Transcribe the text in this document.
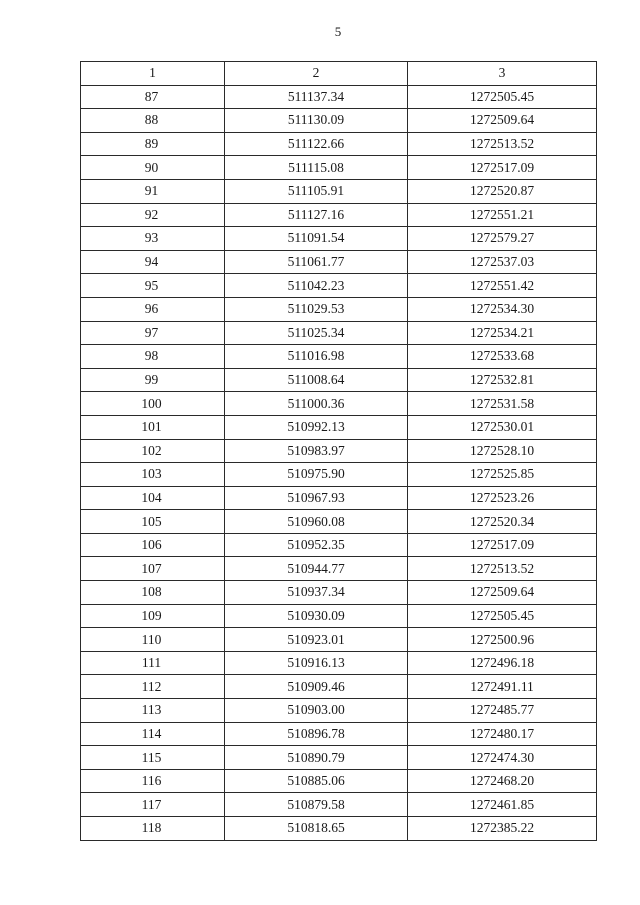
5
1	2	3
87	511137.34	1272505.45
88	511130.09	1272509.64
89	511122.66	1272513.52
90	511115.08	1272517.09
91	511105.91	1272520.87
92	511127.16	1272551.21
93	511091.54	1272579.27
94	511061.77	1272537.03
95	511042.23	1272551.42
96	511029.53	1272534.30
97	511025.34	1272534.21
98	511016.98	1272533.68
99	511008.64	1272532.81
100	511000.36	1272531.58
101	510992.13	1272530.01
102	510983.97	1272528.10
103	510975.90	1272525.85
104	510967.93	1272523.26
105	510960.08	1272520.34
106	510952.35	1272517.09
107	510944.77	1272513.52
108	510937.34	1272509.64
109	510930.09	1272505.45
110	510923.01	1272500.96
111	510916.13	1272496.18
112	510909.46	1272491.11
113	510903.00	1272485.77
114	510896.78	1272480.17
115	510890.79	1272474.30
116	510885.06	1272468.20
117	510879.58	1272461.85
118	510818.65	1272385.22
